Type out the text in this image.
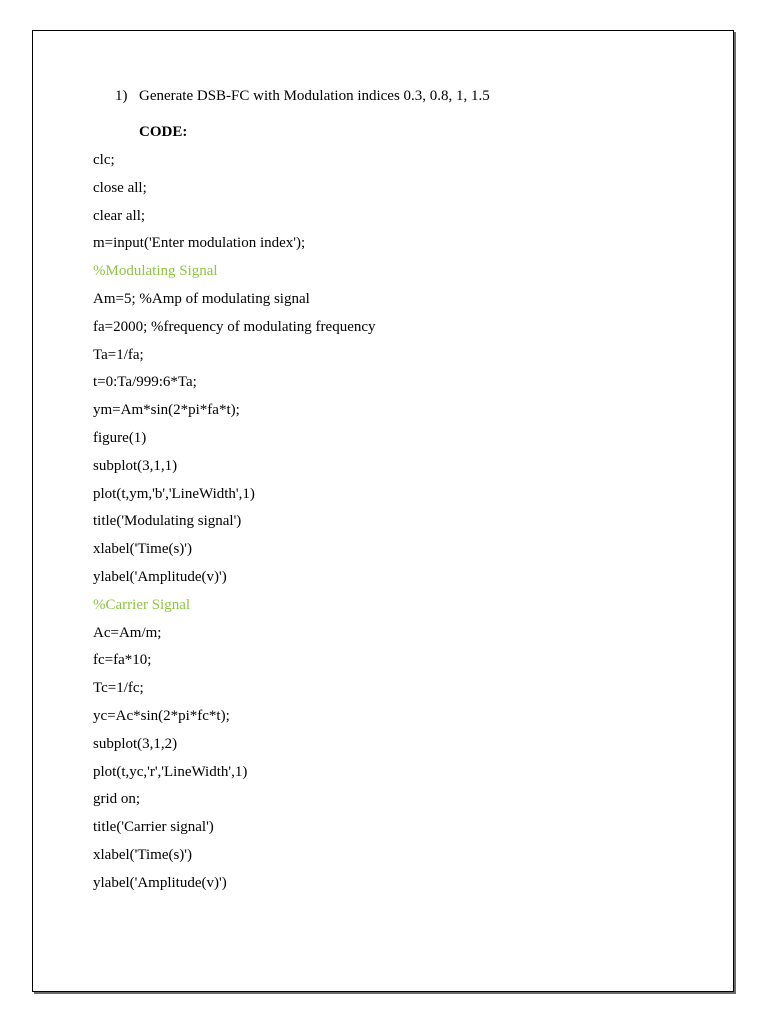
1) Generate DSB-FC with Modulation indices 0.3, 0.8, 1, 1.5
CODE:
clc;
close all;
clear all;
m=input('Enter modulation index');
%Modulating Signal
Am=5; %Amp of modulating signal
fa=2000; %frequency of modulating frequency
Ta=1/fa;
t=0:Ta/999:6*Ta;
ym=Am*sin(2*pi*fa*t);
figure(1)
subplot(3,1,1)
plot(t,ym,'b','LineWidth',1)
title('Modulating signal')
xlabel('Time(s)')
ylabel('Amplitude(v)')
%Carrier Signal
Ac=Am/m;
fc=fa*10;
Tc=1/fc;
yc=Ac*sin(2*pi*fc*t);
subplot(3,1,2)
plot(t,yc,'r','LineWidth',1)
grid on;
title('Carrier signal')
xlabel('Time(s)')
ylabel('Amplitude(v)')
